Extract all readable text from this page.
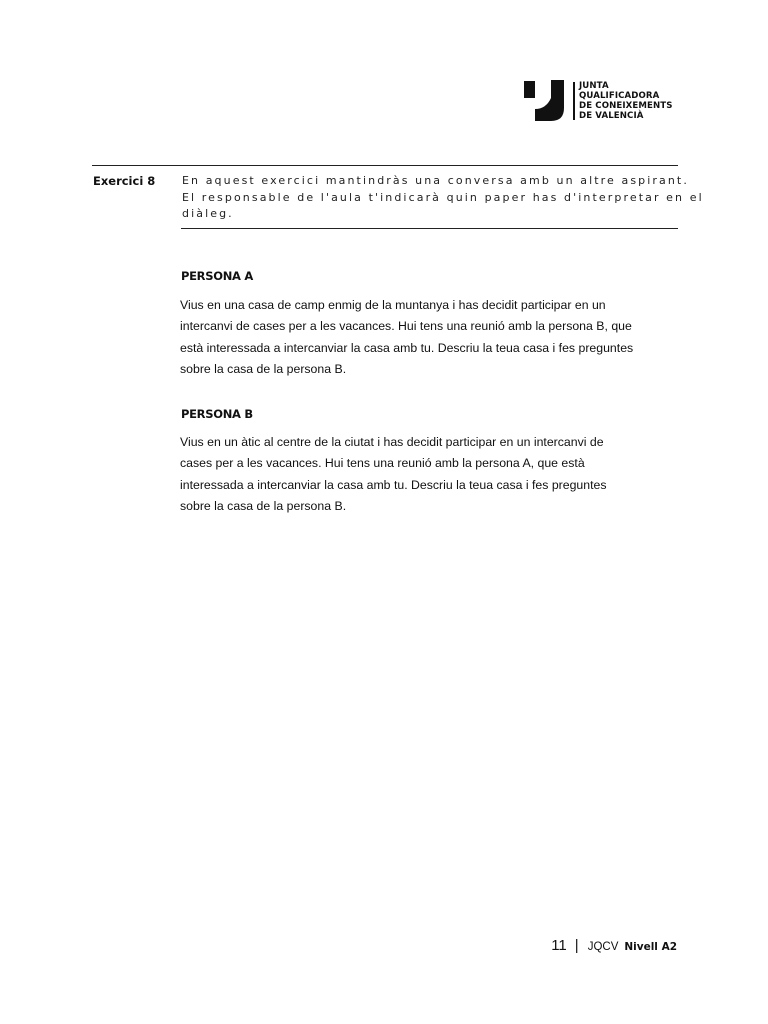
JUNTA
QUALIFICADORA
DE CONEIXEMENTS
DE VALENCIÀ
Exercici 8 En aquest exercici mantindràs una conversa amb un altre aspirant.
El responsable de l'aula t'indicarà quin paper has d'interpretar en el
diàleg.
PERSONA A
Vius en una casa de camp enmig de la muntanya i has decidit participar en un
intercanvi de cases per a les vacances. Hui tens una reunió amb la persona B, que
està interessada a intercanviar la casa amb tu. Descriu la teua casa i fes preguntes
sobre la casa de la persona B.
PERSONA B
Vius en un àtic al centre de la ciutat i has decidit participar en un intercanvi de
cases per a les vacances. Hui tens una reunió amb la persona A, que està
interessada a intercanviar la casa amb tu. Descriu la teua casa i fes preguntes
sobre la casa de la persona B.
11 | JQCV Nivell A2
